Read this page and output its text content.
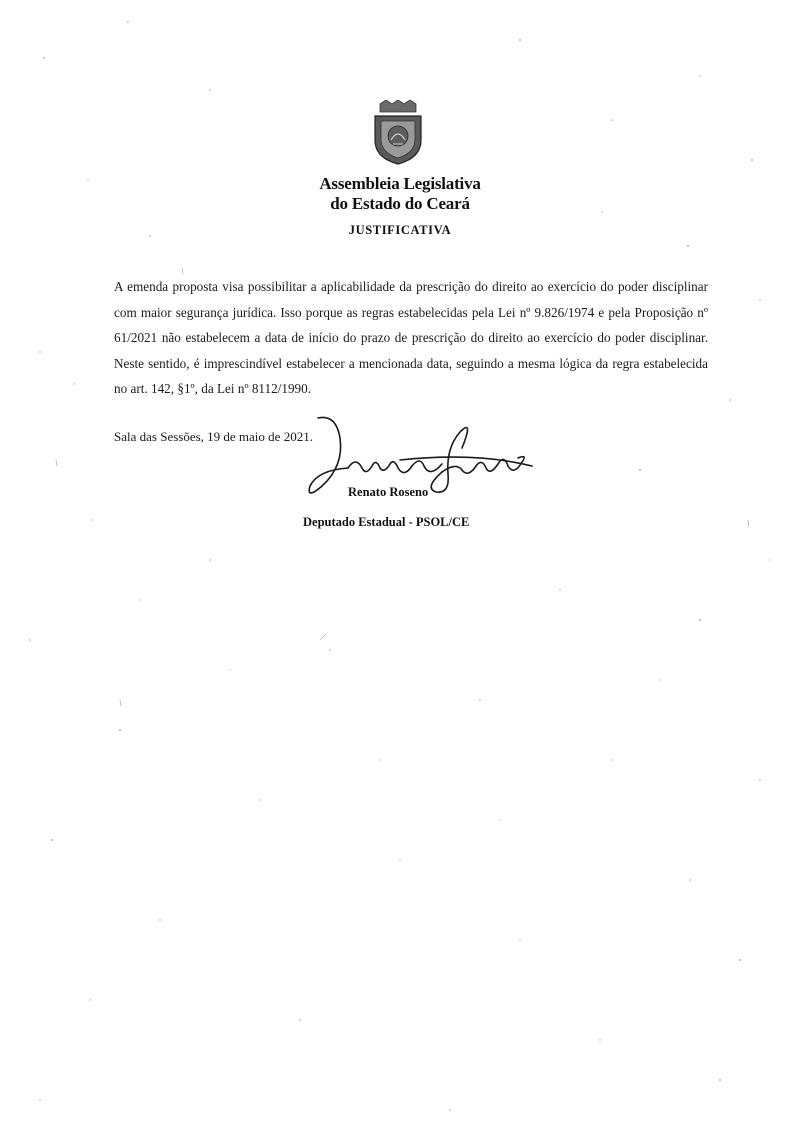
Assembleia Legislativa
do Estado do Ceará
JUSTIFICATIVA
A emenda proposta visa possibilitar a aplicabilidade da prescrição do direito ao exercício do poder disciplinar com maior segurança jurídica. Isso porque as regras estabelecidas pela Lei nº 9.826/1974 e pela Proposição nº 61/2021 não estabelecem a data de início do prazo de prescrição do direito ao exercício do poder disciplinar. Neste sentido, é imprescindível estabelecer a mencionada data, seguindo a mesma lógica da regra estabelecida no art. 142, §1º, da Lei nº 8112/1990.
Sala das Sessões, 19 de maio de 2021.
Renato Roseno
Deputado Estadual - PSOL/CE
